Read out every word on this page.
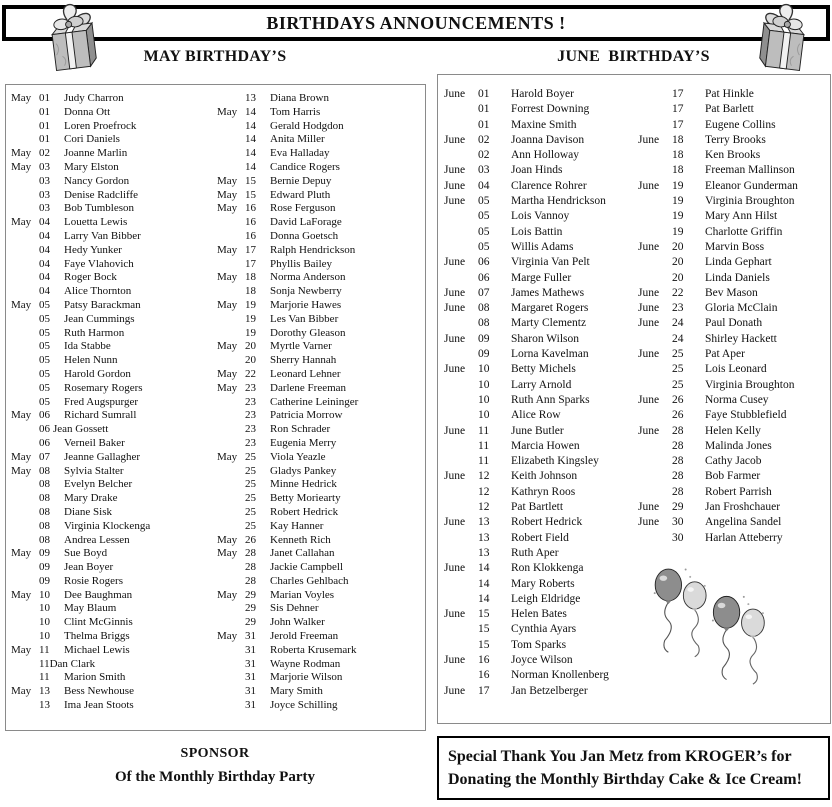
BIRTHDAYS ANNOUNCEMENTS !
MAY BIRTHDAY’S	JUNE BIRTHDAY’S
May 01	Judy Charron
01	Donna Ott
01	Loren Proefrock
01	Cori Daniels
May 02	Joanne Marlin
May 03	Mary Elston
03	Nancy Gordon
03	Denise Radcliffe
03	Bob Tumbleson
May 04	Louetta Lewis
04	Larry Van Bibber
04	Hedy Yunker
04	Faye Vlahovich
04	Roger Bock
04	Alice Thornton
May 05	Patsy Barackman
05	Jean Cummings
05	Ruth Harmon
05	Ida Stabbe
05	Helen Nunn
05	Harold Gordon
05	Rosemary Rogers
05	Fred Augspurger
May 06	Richard Sumrall
06 Jean Gossett
06	Verneil Baker
May 07	Jeanne Gallagher
May 08	Sylvia Stalter
08	Evelyn Belcher
08	Mary Drake
08	Diane Sisk
08	Virginia Klockenga
08	Andrea Lessen
May 09	Sue Boyd
09	Jean Boyer
09	Rosie Rogers
May 10	Dee Baughman
10	May Blaum
10	Clint McGinnis
10	Thelma Briggs
May 11	Michael Lewis
11 Dan Clark
11	Marion Smith
May 13	Bess Newhouse
13	Ima Jean Stoots
13	Diana Brown
May 14	Tom Harris
14	Gerald Hodgdon
14	Anita Miller
14	Eva Halladay
14	Candice Rogers
May 15	Bernie Depuy
May 15	Edward Pluth
May 16	Rose Ferguson
16	David LaForage
16	Donna Goetsch
May 17	Ralph Hendrickson
17	Phyllis Bailey
May 18	Norma Anderson
18	Sonja Newberry
May 19	Marjorie Hawes
19	Les Van Bibber
19	Dorothy Gleason
May 20	Myrtle Varner
20	Sherry Hannah
May 22	Leonard Lehner
May 23	Darlene Freeman
23	Catherine Leininger
23	Patricia Morrow
23	Ron Schrader
23	Eugenia Merry
May 25	Viola Yeazle
25	Gladys Pankey
25	Minne Hedrick
25	Betty Moriearty
25	Robert Hedrick
25	Kay Hanner
May 26	Kenneth Rich
May 28	Janet Callahan
28	Jackie Campbell
28	Charles Gehlbach
May 29	Marian Voyles
29	Sis Dehner
29	John Walker
May 31	Jerold Freeman
31	Roberta Krusemark
31	Wayne Rodman
31	Marjorie Wilson
31	Mary Smith
31	Joyce Schilling
June	01	Harold Boyer
01	Forrest Downing
01	Maxine Smith
June	02	Joanna Davison
02	Ann Holloway
June	03	Joan Hinds
June	04	Clarence Rohrer
June	05	Martha Hendrickson
05	Lois Vannoy
05	Lois Battin
05	Willis Adams
June	06	Virginia Van Pelt
06	Marge Fuller
June	07	James Mathews
June	08	Margaret Rogers
08	Marty Clementz
June	09	Sharon Wilson
09	Lorna Kavelman
June	10	Betty Michels
10	Larry Arnold
10	Ruth Ann Sparks
10	Alice Row
June	11	June Butler
11	Marcia Howen
11	Elizabeth Kingsley
June	12	Keith Johnson
12	Kathryn Roos
12	Pat Bartlett
June	13	Robert Hedrick
13	Robert Field
13	Ruth Aper
June	14	Ron Klokkenga
14	Mary Roberts
14	Leigh Eldridge
June	15	Helen Bates
15	Cynthia Ayars
15	Tom Sparks
June	16	Joyce Wilson
16	Norman Knollenberg
June	17	Jan Betzelberger
17	Pat Hinkle
17	Pat Barlett
17	Eugene Collins
June	18	Terry Brooks
18	Ken Brooks
18	Freeman Mallinson
June	19	Eleanor Gunderman
19	Virginia Broughton
19	Mary Ann Hilst
19	Charlotte Griffin
June	20	Marvin Boss
20	Linda Gephart
20	Linda Daniels
June	22	Bev Mason
June	23	Gloria McClain
June	24	Paul Donath
24	Shirley Hackett
June	25	Pat Aper
25	Lois Leonard
25	Virginia Broughton
June	26	Norma Cusey
26	Faye Stubblefield
June	28	Helen Kelly
28	Malinda Jones
28	Cathy Jacob
28	Bob Farmer
28	Robert Parrish
June	29	Jan Froshchauer
June	30	Angelina Sandel
30	Harlan Atteberry
SPONSOR
Of the Monthly Birthday Party
Special Thank You Jan Metz from KROGER’s for
Donating the Monthly Birthday Cake & Ice Cream!
